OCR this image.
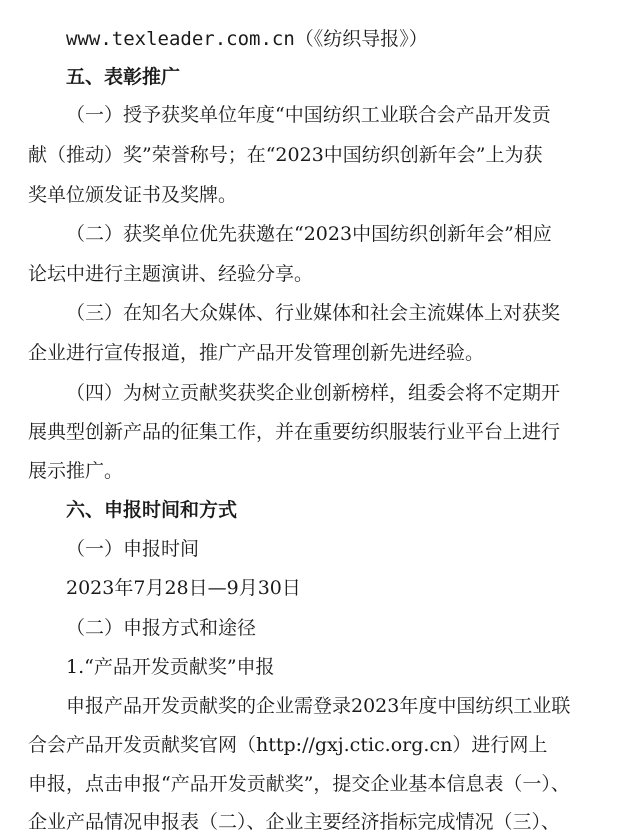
www.texleader.com.cn（《纺织导报》）
五、表彰推广
（一）授予获奖单位年度“中国纺织工业联合会产品开发贡
献（推动）奖”荣誉称号；在“2023中国纺织创新年会”上为获
奖单位颁发证书及奖牌。
（二）获奖单位优先获邀在“2023中国纺织创新年会”相应
论坛中进行主题演讲、经验分享。
（三）在知名大众媒体、行业媒体和社会主流媒体上对获奖
企业进行宣传报道，推广产品开发管理创新先进经验。
（四）为树立贡献奖获奖企业创新榜样，组委会将不定期开
展典型创新产品的征集工作，并在重要纺织服装行业平台上进行
展示推广。
六、申报时间和方式
（一）申报时间
2023年7月28日—9月30日
（二）申报方式和途径
1.“产品开发贡献奖”申报
申报产品开发贡献奖的企业需登录2023年度中国纺织工业联
合会产品开发贡献奖官网（http://gxj.ctic.org.cn）进行网上
申报，点击申报“产品开发贡献奖”，提交企业基本信息表（一）、
企业产品情况申报表（二）、企业主要经济指标完成情况（三）、
